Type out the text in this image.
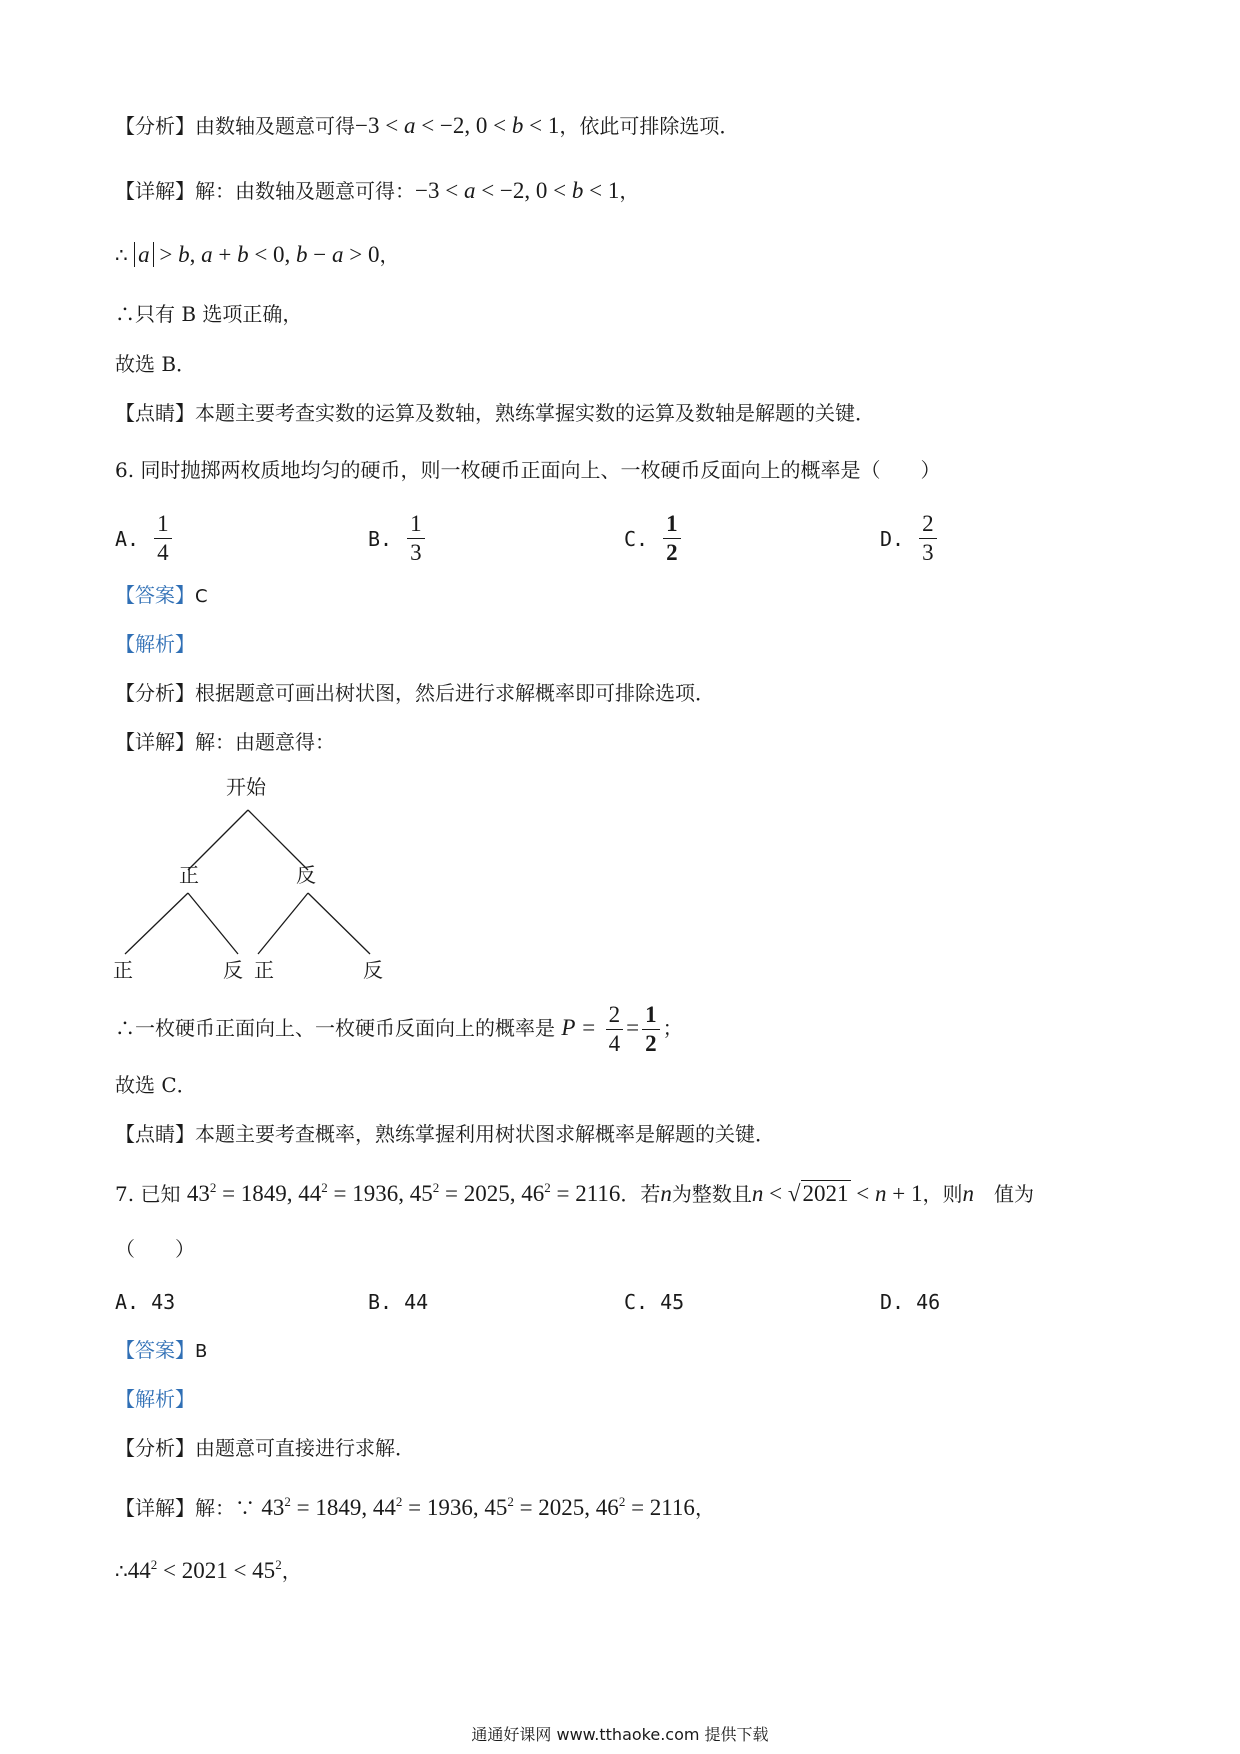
【分析】由数轴及题意可得−3 < a < −2, 0 < b < 1，依此可排除选项．
【详解】解：由数轴及题意可得：−3 < a < −2, 0 < b < 1，
∴ a > b, a + b < 0, b − a > 0，
∴只有 B 选项正确，
故选 B．
【点睛】本题主要考查实数的运算及数轴，熟练掌握实数的运算及数轴是解题的关键．
6. 同时抛掷两枚质地均匀的硬币，则一枚硬币正面向上、一枚硬币反面向上的概率是（　　）
A. $\frac{1}{4}$	B. $\frac{1}{3}$	C. $\frac{1}{2}$	D. $\frac{2}{3}$
【答案】C
【解析】
【分析】根据题意可画出树状图，然后进行求解概率即可排除选项．
【详解】解：由题意得：
开始
正	反
正	反 正	反
∴一枚硬币正面向上、一枚硬币反面向上的概率是 $P = \frac{2}{4} = \frac{1}{2}$ ；
故选 C．
【点睛】本题主要考查概率，熟练掌握利用树状图求解概率是解题的关键．
7. 已知 $43^2 = 1849$, $44^2 = 1936$, $45^2 = 2025$, $46^2 = 2116$．若n为整数且n < √2021 < n + 1，则n　值为
（　　）
A. 43	B. 44	C. 45	D. 46
【答案】B
【解析】
【分析】由题意可直接进行求解．
【详解】解：∵ $43^2 = 1849$, $44^2 = 1936$, $45^2 = 2025$, $46^2 = 2116$，
$\therefore 44^2 < 2021 < 45^2$，
通通好课网 www.tthaoke.com 提供下载
